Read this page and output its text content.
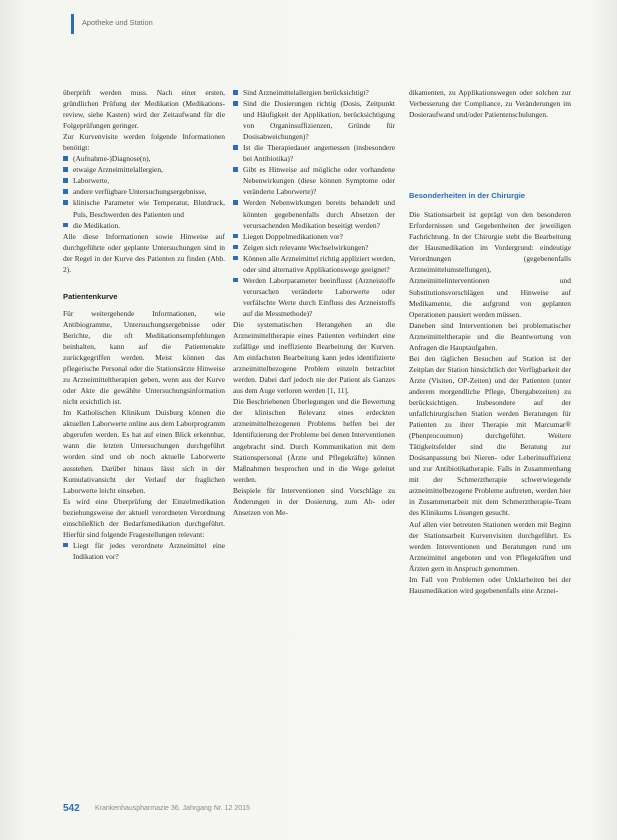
Apotheke und Station

überprüft werden muss. Nach einer ersten, gründlichen Prüfung der Medikation (Medikations-review, siehe Kasten) wird der Zeitaufwand für die Folgeprüfungen geringer.

Zur Kurvenvisite werden folgende Informationen benötigt:

(Aufnahme-)Diagnose(n),
etwaige Arzneimittelallergien,
Laborwerte,
andere verfügbare Untersuchungsergebnisse,
klinische Parameter wie Temperatur, Blutdruck, Puls, Beschwerden des Patienten und
die Medikation.

Alle diese Informationen sowie Hinweise auf durchgeführte oder geplante Untersuchungen sind in der Regel in der Kurve des Patienten zu finden (Abb. 2).

Patientenkurve

Für weitergehende Informationen, wie Antibiogramme, Untersuchungsergebnisse oder Berichte, die oft Medikationsempfehlungen beinhalten, kann auf die Patientenakte zurückgegriffen werden. Meist können das pflegerische Personal oder die Stationsärzte Hinweise zu Arzneimitteltherapien geben, wenn aus der Kurve oder Akte die gewählte Untersuchungsinformation nicht ersichtlich ist.

Im Katholischen Klinikum Duisburg können die aktuellen Laborwerte online aus dem Laborprogramm abgerufen werden. Es hat auf einen Blick erkennbar, wann die letzten Untersuchungen durchgeführt worden sind und ob noch aktuelle Laborwerte ausstehen. Darüber hinaus lässt sich in der Kumulativansicht der Verlauf der fraglichen Laborwerte leicht einsehen.

Es wird eine Überprüfung der Einzelmedikation beziehungsweise der aktuell verordneten Verordnung einschließlich der Bedarfsmedikation durchgeführt. Hierfür sind folgende Fragestellungen relevant:

Liegt für jedes verordnete Arzneimittel eine Indikation vor?
Sind Arzneimittelallergien berücksichtigt?
Sind die Dosierungen richtig (Dosis, Zeitpunkt und Häufigkeit der Applikation, berücksichtigung von Organinsuffizienzen, Gründe für Dosisabweichungen)?
Ist die Therapiedauer angemessen (insbesondere bei Antibiotika)?
Gibt es Hinweise auf mögliche oder vorhandene Nebenwirkungen (diese können Symptome oder veränderte Laborwerte)?
Werden Nebenwirkungen bereits behandelt und könnten gegebenenfalls durch Absetzen der verursachenden Medikation beseitigt werden?
Liegen Doppelmedikationen vor?
Zeigen sich relevante Wechselwirkungen?
Können alle Arzneimittel richtig appliziert werden, oder sind alternative Applikationswege geeignet?
Werden Laborparameter beeinflusst (Arzneistoffe verursachen veränderte Laborwerte oder verfälschte Werte durch Einfluss des Arzneistoffs auf die Messmethode)?

Die systematischen Herangehen an die Arzneimitteltherapie eines Patienten verhindert eine zufällige und ineffiziente Bearbeitung der Kurven. Am einfachsten Bearbeitung kann jedes identifizierte arzneimittelbezogene Problem einzeln betrachtet werden. Dabei darf jedoch nie der Patient als Ganzes aus dem Auge verloren werden [1, 11].

Die Beschriebenen Überlegungen und die Bewertung der klinischen Relevanz eines erdeckten arzneimittelbezogenen Problems helfen bei der Identifizierung der Probleme bei denen Interventionen angebracht sind. Durch Kommunikation mit dem Stationspersonal (Ärzte und Pflegekräfte) können Maßnahmen besprochen und in die Wege geleitet werden.

Beispiele für Interventionen sind Vorschläge zu Änderungen in der Dosierung, zum Ab- oder Ansetzen von Me-

dikamenten, zu Applikationswegen oder solchen zur Verbesserung der Compliance, zu Veränderungen im Dosieraufwand und/oder Patientenschulungen.

Besonderheiten in der Chirurgie

Die Stationsarbeit ist geprägt von den besonderen Erfordernissen und Gegebenheiten der jeweiligen Fachrichtung. In der Chirurgie steht die Bearbeitung der Hausmedikation im Vordergrund: eindeutige Verordnungen (gegebenenfalls Arzneimittelumstellungen), Arzneimittelinterventionen und Substitutionsvorschlägen und Hinweise auf Medikamente, die aufgrund von geplanten Operationen pausiert werden müssen.

Daneben sind Interventionen bei problematischer Arzneimitteltherapie und die Beantwortung von Anfragen die Hauptaufgaben.

Bei den täglichen Besuchen auf Station ist der Zeitplan der Station hinsichtlich der Verfügbarkeit der Ärzte (Visiten, OP-Zeiten) und der Patienten (unter anderem morgendliche Pflege, Übergabezeiten) zu berücksichtigen. Insbesondere auf der unfallchirurgischen Station werden Beratungen für Patienten zu ihrer Therapie mit Marcumar® (Phenprocoumon) durchgeführt. Weitere Tätigkeitsfelder sind die Beratung zur Dosisanpassung bei Nieren- oder Leberinsuffizienz und zur Antibiotikatherapie. Falls in Zusammenhang mit der Schmerztherapie schwerwiegende arzneimittelbezogene Probleme auftreten, werden hier in Zusammenarbeit mit dem Schmerztherapie-Team des Klinikums Lösungen gesucht.

Auf allen vier betreuten Stationen werden mit Beginn der Stationsarbeit Kurvenvisiten durchgeführt. Es werden Interventionen und Beratungen rund um Arzneimittel angeboten und von Pflegekräften und Ärzten gern in Anspruch genommen.

Im Fall von Problemen oder Unklarheiten bei der Hausmedikation wird gegebenenfalls eine Arznei-

542 Krankenhauspharmazie 36. Jahrgang Nr. 12 2015
